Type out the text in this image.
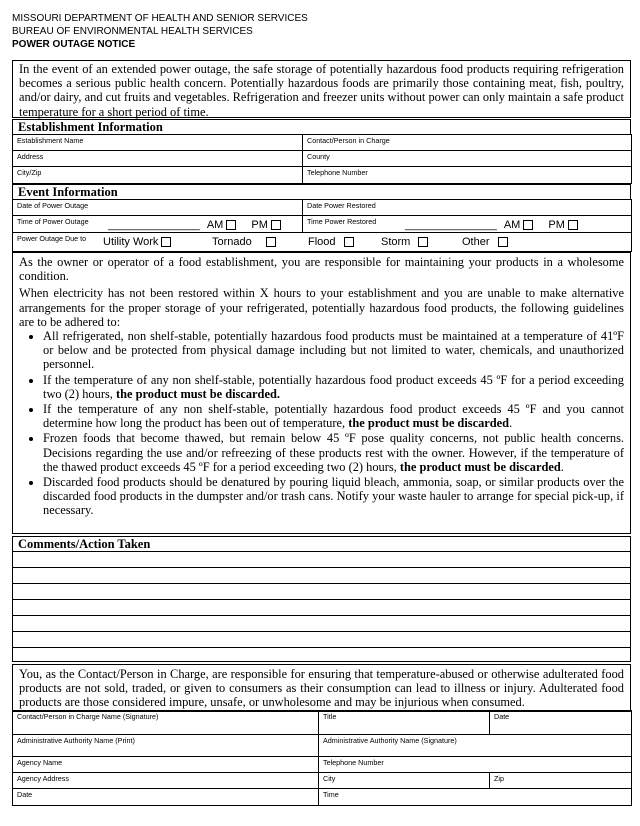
MISSOURI DEPARTMENT OF HEALTH AND SENIOR SERVICES
BUREAU OF ENVIRONMENTAL HEALTH SERVICES
POWER OUTAGE NOTICE
In the event of an extended power outage, the safe storage of potentially hazardous food products requiring refrigeration becomes a serious public health concern. Potentially hazardous foods are primarily those containing meat, fish, poultry, and/or dairy, and cut fruits and vegetables. Refrigeration and freezer units without power can only maintain a safe product temperature for a short period of time.
Establishment Information
Establishment Name	Contact/Person in Charge
Address	County
City/Zip	Telephone Number
Event Information
Date of Power Outage	Date Power Restored
Time of Power Outage	Time Power Restored
Power Outage Due to	
_______________ AM	PM	_______________ AM	PM
Utility Work	Tornado	Flood	Storm	Other

As the owner or operator of a food establishment, you are responsible for maintaining your products in a wholesome condition.

When electricity has not been restored within X hours to your establishment and you are unable to make alternative arrangements for the proper storage of your refrigerated, potentially hazardous food products, the following guidelines are to be adhered to:

• All refrigerated, non shelf-stable, potentially hazardous food products must be maintained at a temperature of 41ºF or below and be protected from physical damage including but not limited to water, chemicals, and unauthorized personnel.
• If the temperature of any non shelf-stable, potentially hazardous food product exceeds 45 ºF for a period exceeding two (2) hours, the product must be discarded.
• If the temperature of any non shelf-stable, potentially hazardous food product exceeds 45 ºF and you cannot determine how long the product has been out of temperature, the product must be discarded.
• Frozen foods that become thawed, but remain below 45 ºF pose quality concerns, not public health concerns. Decisions regarding the use and/or refreezing of these products rest with the owner. However, if the temperature of the thawed product exceeds 45 ºF for a period exceeding two (2) hours, the product must be discarded.
• Discarded food products should be denatured by pouring liquid bleach, ammonia, soap, or similar products over the discarded food products in the dumpster and/or trash cans. Notify your waste hauler to arrange for special pick-up, if necessary.
Comments/Action Taken
You, as the Contact/Person in Charge, are responsible for ensuring that temperature-abused or otherwise adulterated food products are not sold, traded, or given to consumers as their consumption can lead to illness or injury. Adulterated food products are those considered impure, unsafe, or unwholesome and may be injurious when consumed.
Contact/Person in Charge Name (Signature)	Title	Date
Administrative Authority Name (Print)	Administrative Authority Name (Signature)	
Agency Name	Telephone Number	
Agency Address	City	Zip
Date	Time	
